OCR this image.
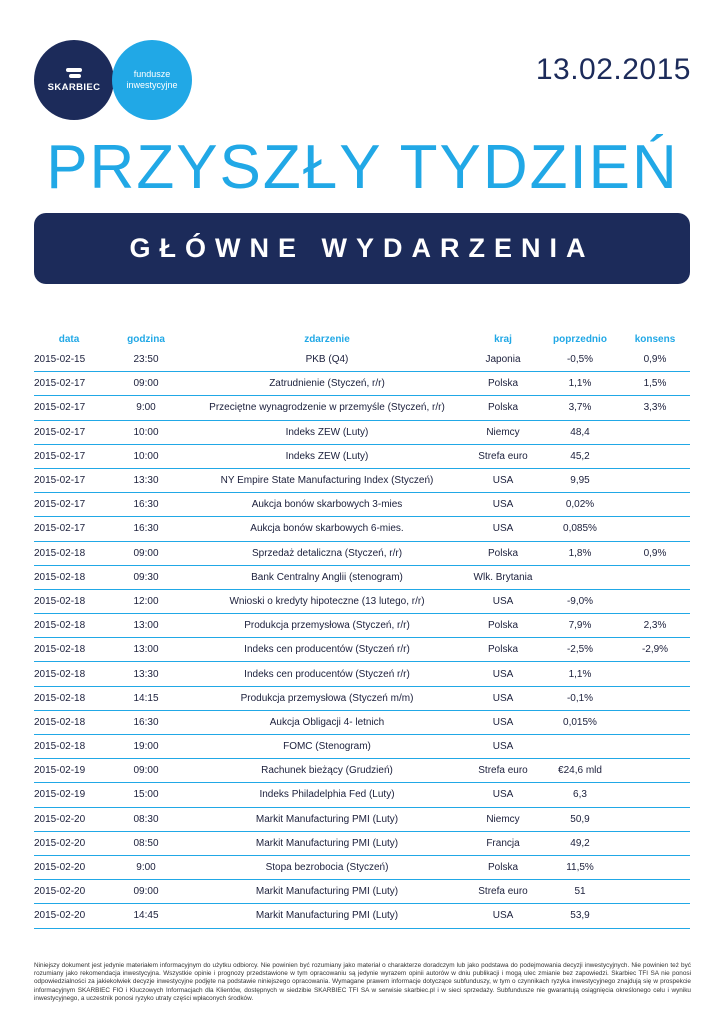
SKARBIEC
fundusze
inwestycyjne	13.02.2015
PRZYSZŁY TYDZIEŃ
GŁÓWNE WYDARZENIA
data	godzina	zdarzenie	kraj	poprzednio	konsens
2015-02-15	23:50	PKB (Q4)	Japonia	-0,5%	0,9%
2015-02-17	09:00	Zatrudnienie (Styczeń, r/r)	Polska	1,1%	1,5%
2015-02-17	9:00	Przeciętne wynagrodzenie w przemyśle (Styczeń, r/r)	Polska	3,7%	3,3%
2015-02-17	10:00	Indeks ZEW (Luty)	Niemcy	48,4
2015-02-17	10:00	Indeks ZEW (Luty)	Strefa euro	45,2
2015-02-17	13:30	NY Empire State Manufacturing Index (Styczeń)	USA	9,95
2015-02-17	16:30	Aukcja bonów skarbowych 3-mies	USA	0,02%
2015-02-17	16:30	Aukcja bonów skarbowych 6-mies.	USA	0,085%
2015-02-18	09:00	Sprzedaż detaliczna (Styczeń, r/r)	Polska	1,8%	0,9%
2015-02-18	09:30	Bank Centralny Anglii (stenogram)	Wlk. Brytania
2015-02-18	12:00	Wnioski o kredyty hipoteczne (13 lutego, r/r)	USA	-9,0%
2015-02-18	13:00	Produkcja przemysłowa (Styczeń, r/r)	Polska	7,9%	2,3%
2015-02-18	13:00	Indeks cen producentów (Styczeń r/r)	Polska	-2,5%	-2,9%
2015-02-18	13:30	Indeks cen producentów (Styczeń r/r)	USA	1,1%
2015-02-18	14:15	Produkcja przemysłowa (Styczeń m/m)	USA	-0,1%
2015-02-18	16:30	Aukcja Obligacji 4- letnich	USA	0,015%
2015-02-18	19:00	FOMC (Stenogram)	USA
2015-02-19	09:00	Rachunek bieżący (Grudzień)	Strefa euro	€24,6 mld
2015-02-19	15:00	Indeks Philadelphia Fed (Luty)	USA	6,3
2015-02-20	08:30	Markit Manufacturing PMI (Luty)	Niemcy	50,9
2015-02-20	08:50	Markit Manufacturing PMI (Luty)	Francja	49,2
2015-02-20	9:00	Stopa bezrobocia (Styczeń)	Polska	11,5%
2015-02-20	09:00	Markit Manufacturing PMI (Luty)	Strefa euro	51
2015-02-20	14:45	Markit Manufacturing PMI (Luty)	USA	53,9
Niniejszy dokument jest jedynie materiałem informacyjnym do użytku odbiorcy. Nie powinien być rozumiany jako materiał o charakterze doradczym lub jako podstawa do podejmowania decyzji inwestycyjnych. Nie powinien też być rozumiany jako rekomendacja inwestycyjna. Wszystkie opinie i prognozy przedstawione w tym opracowaniu są jedynie wyrazem opinii autorów w dniu publikacji i mogą ulec zmianie bez zapowiedzi. Skarbiec TFI SA nie ponosi odpowiedzialności za jakiekolwiek decyzje inwestycyjne podjęte na podstawie niniejszego opracowania. Wymagane prawem informacje dotyczące subfunduszy, w tym o czynnikach ryzyka inwestycyjnego znajdują się w prospekcie informacyjnym SKARBIEC FIO i Kluczowych Informacjach dla Klientów, dostępnych w siedzibie SKARBIEC TFI SA w serwisie skarbiec.pl i w sieci sprzedaży. Subfundusze nie gwarantują osiągnięcia określonego celu i wyniku inwestycyjnego, a uczestnik ponosi ryzyko utraty części wpłaconych środków.
